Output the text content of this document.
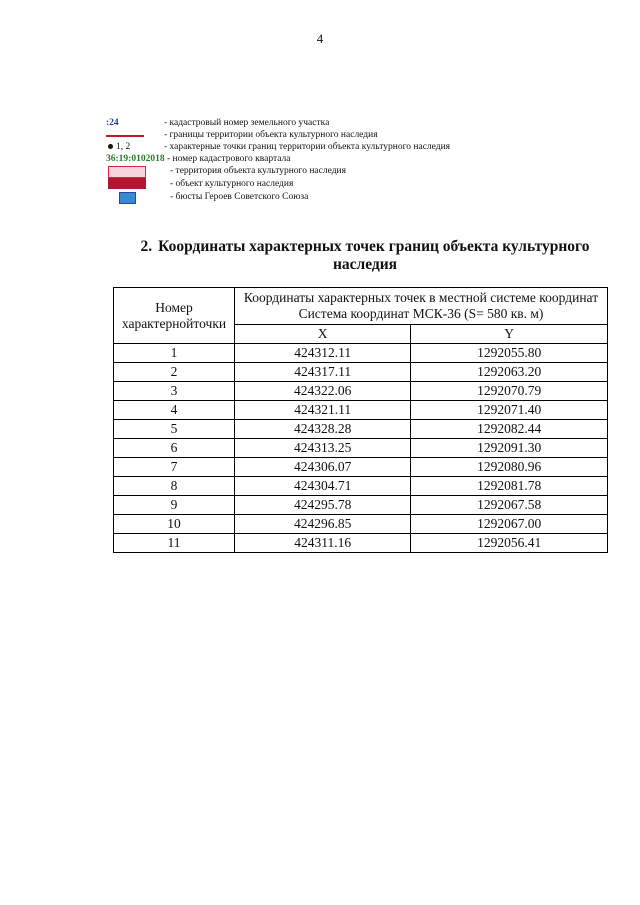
4
:24	- кадастровый номер земельного участка
- границы территории объекта культурного наследия
1, 2	- характерные точки границ территории объекта культурного наследия
36:19:0102018 - номер кадастрового квартала
- территория объекта культурного наследия
- объект культурного наследия
- бюсты Героев Советского Союза
2. Координаты характерных точек границ объекта культурного наследия
Номер характернойточки	Координаты характерных точек в местной системе координат
Система координат МСК-36 (S= 580 кв. м)	
	X	Y
1	424312.11	1292055.80
2	424317.11	1292063.20
3	424322.06	1292070.79
4	424321.11	1292071.40
5	424328.28	1292082.44
6	424313.25	1292091.30
7	424306.07	1292080.96
8	424304.71	1292081.78
9	424295.78	1292067.58
10	424296.85	1292067.00
11	424311.16	1292056.41
